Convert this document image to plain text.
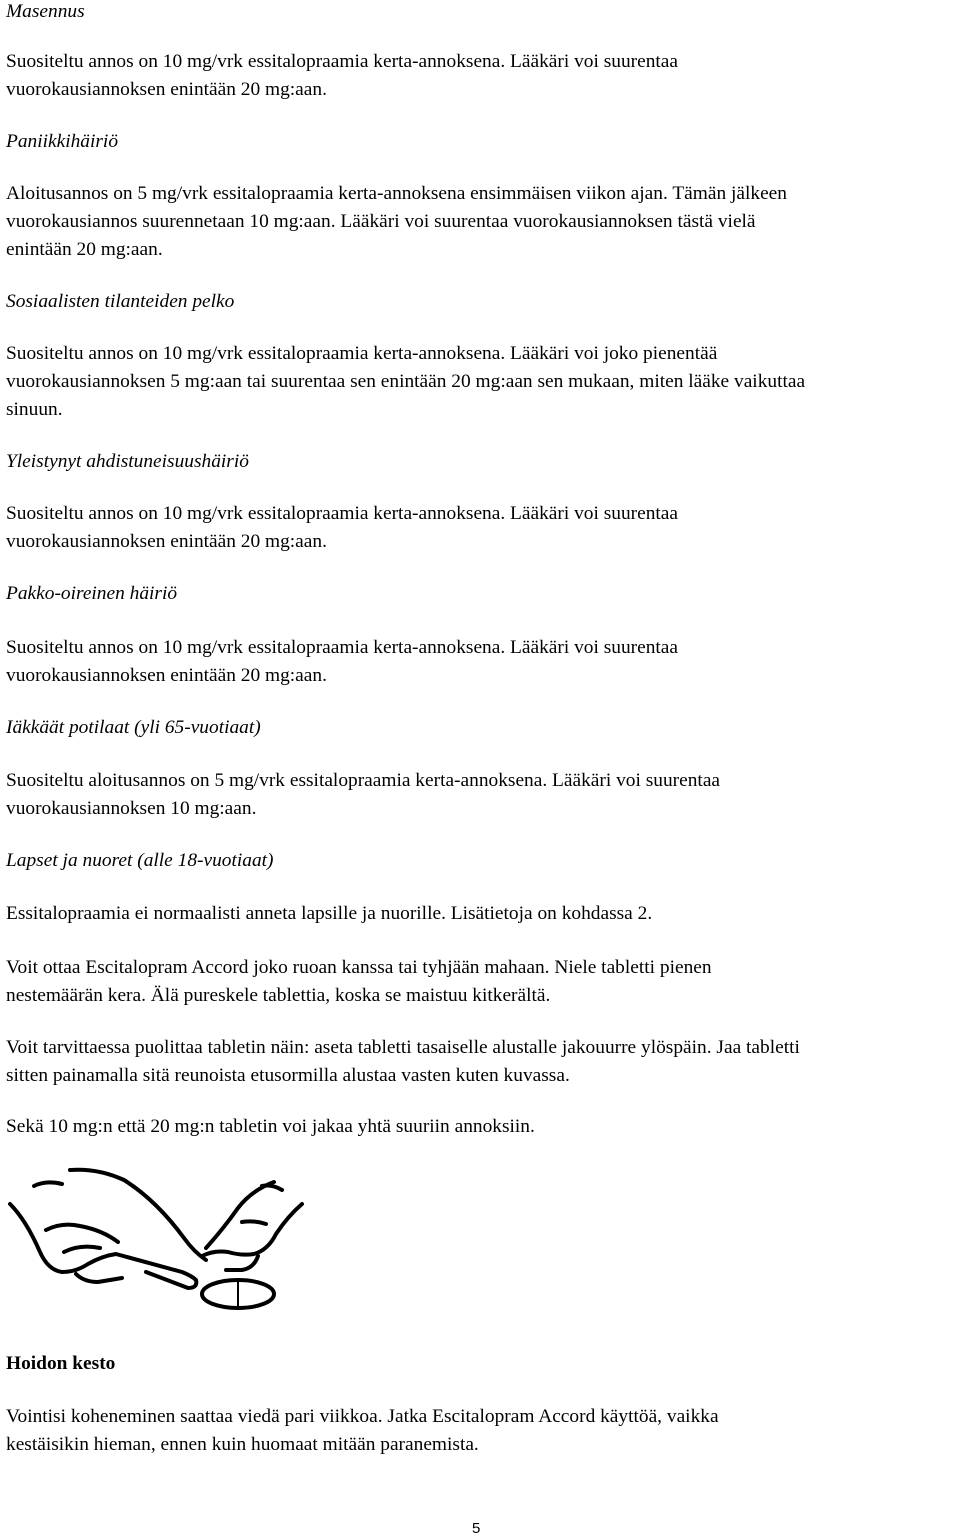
Masennus
Suositeltu annos on 10 mg/vrk essitalopraamia kerta-annoksena. Lääkäri voi suurentaa
vuorokausiannoksen enintään 20 mg:aan.
Paniikkihäiriö
Aloitusannos on 5 mg/vrk essitalopraamia kerta-annoksena ensimmäisen viikon ajan. Tämän jälkeen
vuorokausiannos suurennetaan 10 mg:aan. Lääkäri voi suurentaa vuorokausiannoksen tästä vielä
enintään 20 mg:aan.
Sosiaalisten tilanteiden pelko
Suositeltu annos on 10 mg/vrk essitalopraamia kerta-annoksena. Lääkäri voi joko pienentää
vuorokausiannoksen 5 mg:aan tai suurentaa sen enintään 20 mg:aan sen mukaan, miten lääke vaikuttaa
sinuun.
Yleistynyt ahdistuneisuushäiriö
Suositeltu annos on 10 mg/vrk essitalopraamia kerta-annoksena. Lääkäri voi suurentaa
vuorokausiannoksen enintään 20 mg:aan.
Pakko-oireinen häiriö
Suositeltu annos on 10 mg/vrk essitalopraamia kerta-annoksena. Lääkäri voi suurentaa
vuorokausiannoksen enintään 20 mg:aan.
Iäkkäät potilaat (yli 65-vuotiaat)
Suositeltu aloitusannos on 5 mg/vrk essitalopraamia kerta-annoksena. Lääkäri voi suurentaa
vuorokausiannoksen 10 mg:aan.
Lapset ja nuoret (alle 18-vuotiaat)
Essitalopraamia ei normaalisti anneta lapsille ja nuorille. Lisätietoja on kohdassa 2.
Voit ottaa Escitalopram Accord joko ruoan kanssa tai tyhjään mahaan. Niele tabletti pienen
nestemäärän kera. Älä pureskele tablettia, koska se maistuu kitkerältä.
Voit tarvittaessa puolittaa tabletin näin: aseta tabletti tasaiselle alustalle jakouurre ylöspäin. Jaa tabletti
sitten painamalla sitä reunoista etusormilla alustaa vasten kuten kuvassa.
Sekä 10 mg:n että 20 mg:n tabletin voi jakaa yhtä suuriin annoksiin.
Hoidon kesto
Vointisi koheneminen saattaa viedä pari viikkoa. Jatka Escitalopram Accord käyttöä, vaikka
kestäisikin hieman, ennen kuin huomaat mitään paranemista.
5
